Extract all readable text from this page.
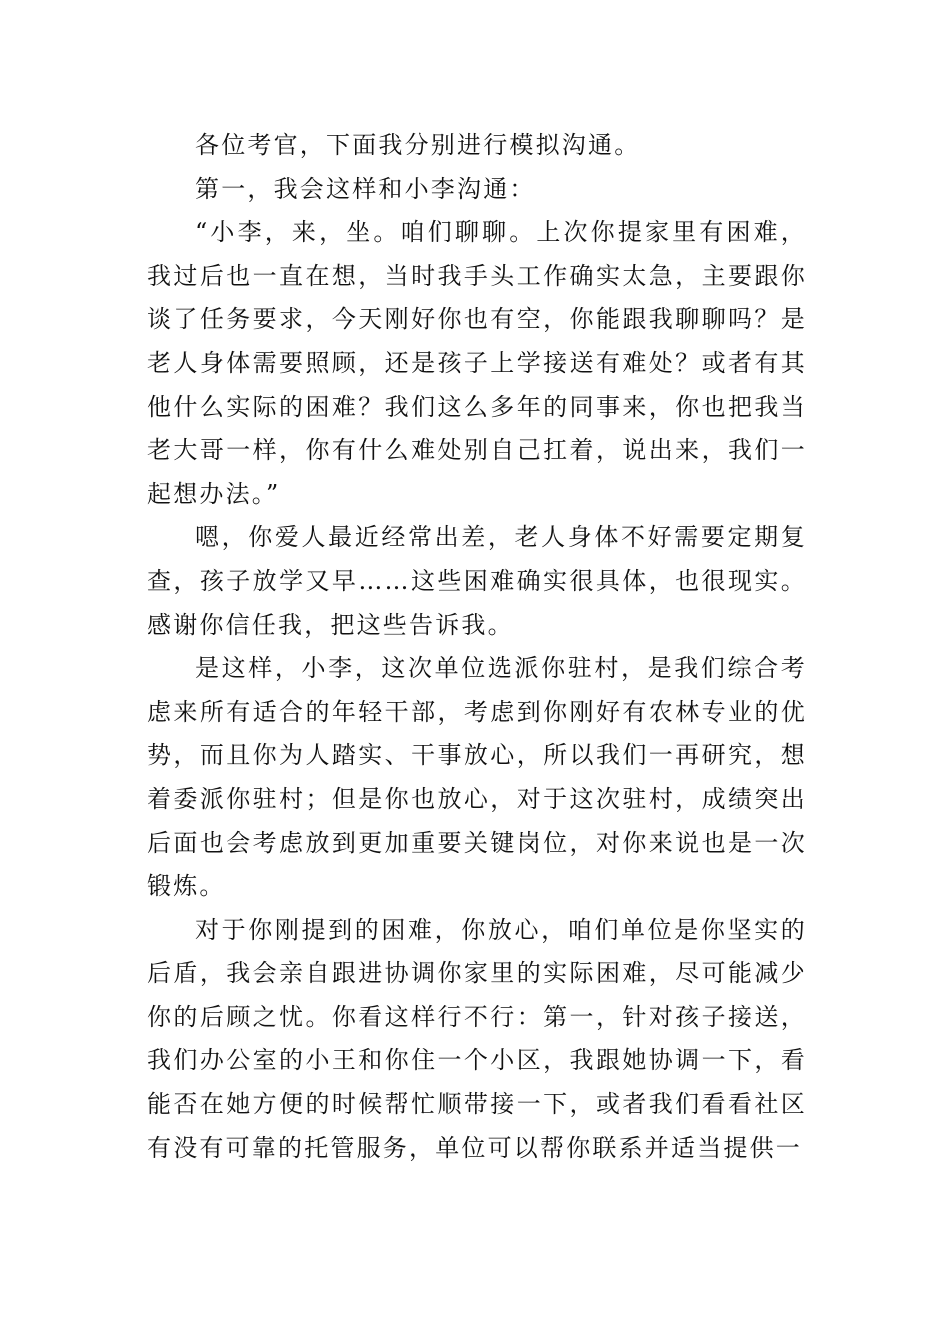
各位考官，下面我分别进行模拟沟通。

第一，我会这样和小李沟通：

“小李，来，坐。咱们聊聊。上次你提家里有困难，我过后也一直在想，当时我手头工作确实太急，主要跟你谈了任务要求，今天刚好你也有空，你能跟我聊聊吗？是老人身体需要照顾，还是孩子上学接送有难处？或者有其他什么实际的困难？我们这么多年的同事来，你也把我当老大哥一样，你有什么难处别自己扛着，说出来，我们一起想办法。”

嗯，你爱人最近经常出差，老人身体不好需要定期复查，孩子放学又早……这些困难确实很具体，也很现实。感谢你信任我，把这些告诉我。

是这样，小李，这次单位选派你驻村，是我们综合考虑来所有适合的年轻干部，考虑到你刚好有农林专业的优势，而且你为人踏实、干事放心，所以我们一再研究，想着委派你驻村；但是你也放心，对于这次驻村，成绩突出后面也会考虑放到更加重要关键岗位，对你来说也是一次锻炼。

对于你刚提到的困难，你放心，咱们单位是你坚实的后盾，我会亲自跟进协调你家里的实际困难，尽可能减少你的后顾之忧。你看这样行不行：第一，针对孩子接送，我们办公室的小王和你住一个小区，我跟她协调一下，看能否在她方便的时候帮忙顺带接一下，或者我们看看社区有没有可靠的托管服务，单位可以帮你联系并适当提供一
